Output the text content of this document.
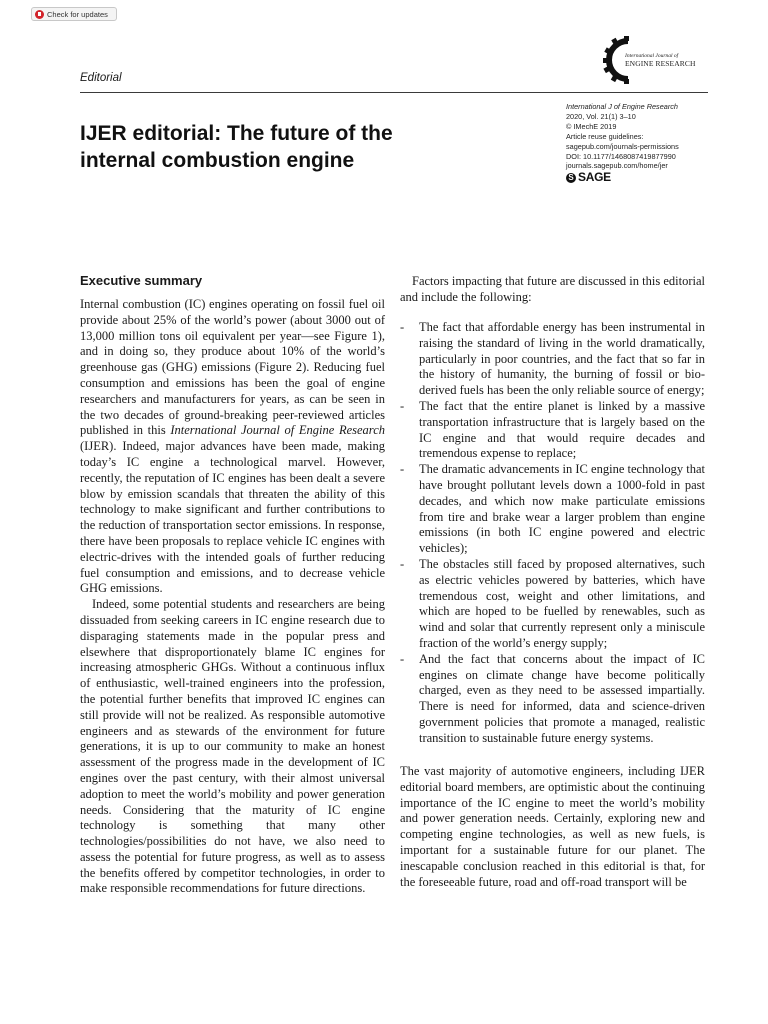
Check for updates
International Journal of
ENGINE RESEARCH
Editorial
IJER editorial: The future of the internal combustion engine
International J of Engine Research
2020, Vol. 21(1) 3–10
© IMechE 2019
Article reuse guidelines:
sagepub.com/journals-permissions
DOI: 10.1177/1468087419877990
journals.sagepub.com/home/jer
S SAGE
Executive summary

Internal combustion (IC) engines operating on fossil fuel oil provide about 25% of the world’s power (about 3000 out of 13,000 million tons oil equivalent per year—see Figure 1), and in doing so, they produce about 10% of the world’s greenhouse gas (GHG) emissions (Figure 2). Reducing fuel consumption and emissions has been the goal of engine researchers and manufacturers for years, as can be seen in the two decades of ground-breaking peer-reviewed articles published in this International Journal of Engine Research (IJER). Indeed, major advances have been made, making today’s IC engine a technological marvel. However, recently, the reputation of IC engines has been dealt a severe blow by emission scandals that threaten the ability of this technology to make significant and further contributions to the reduction of transportation sector emissions. In response, there have been proposals to replace vehicle IC engines with electric-drives with the intended goals of further reducing fuel consumption and emissions, and to decrease vehicle GHG emissions.

Indeed, some potential students and researchers are being dissuaded from seeking careers in IC engine research due to disparaging statements made in the popular press and elsewhere that disproportionately blame IC engines for increasing atmospheric GHGs. Without a continuous influx of enthusiastic, well-trained engineers into the profession, the potential further benefits that improved IC engines can still provide will not be realized. As responsible automotive engineers and as stewards of the environment for future generations, it is up to our community to make an honest assessment of the progress made in the development of IC engines over the past century, with their almost universal adoption to meet the world’s mobility and power generation needs. Considering that the maturity of IC engine technology is something that many other technologies/possibilities do not have, we also need to assess the potential for future progress, as well as to assess the benefits offered by competitor technologies, in order to make responsible recommendations for future directions.

Factors impacting that future are discussed in this editorial and include the following:

- The fact that affordable energy has been instrumental in raising the standard of living in the world dramatically, particularly in poor countries, and the fact that so far in the history of humanity, the burning of fossil or bio-derived fuels has been the only reliable source of energy;
- The fact that the entire planet is linked by a massive transportation infrastructure that is largely based on the IC engine and that would require decades and tremendous expense to replace;
- The dramatic advancements in IC engine technology that have brought pollutant levels down a 1000-fold in past decades, and which now make particulate emissions from tire and brake wear a larger problem than engine emissions (in both IC engine powered and electric vehicles);
- The obstacles still faced by proposed alternatives, such as electric vehicles powered by batteries, which have tremendous cost, weight and other limitations, and which are hoped to be fuelled by renewables, such as wind and solar that currently represent only a miniscule fraction of the world’s energy supply;
- And the fact that concerns about the impact of IC engines on climate change have become politically charged, even as they need to be assessed impartially. There is need for informed, data and science-driven government policies that promote a managed, realistic transition to sustainable future energy systems.

The vast majority of automotive engineers, including IJER editorial board members, are optimistic about the continuing importance of the IC engine to meet the world’s mobility and power generation needs. Certainly, exploring new and competing engine technologies, as well as new fuels, is important for a sustainable future for our planet. The inescapable conclusion reached in this editorial is that, for the foreseeable future, road and off-road transport will be
